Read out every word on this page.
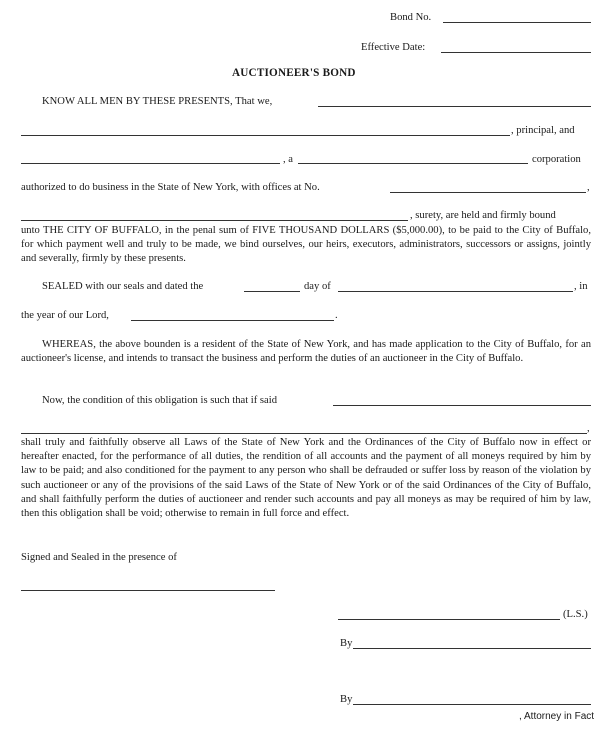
Bond No.
Effective Date:
AUCTIONEER'S BOND
KNOW ALL MEN BY THESE PRESENTS, That we,
, principal, and
, a	corporation
authorized to do business in the State of New York, with offices at No.	,
, surety, are held and firmly bound
unto THE CITY OF BUFFALO, in the penal sum of FIVE THOUSAND DOLLARS ($5,000.00), to be paid to the City of Buffalo, for which payment well and truly to be made, we bind ourselves, our heirs, executors, administrators, successors or assigns, jointly and severally, firmly by these presents.
SEALED with our seals and dated the	day of	, in
the year of our Lord,	.
WHEREAS, the above bounden is a resident of the State of New York, and has made application to the City of Buffalo, for an auctioneer's license, and intends to transact the business and perform the duties of an auctioneer in the City of Buffalo.
Now, the condition of this obligation is such that if said
,
shall truly and faithfully observe all Laws of the State of New York and the Ordinances of the City of Buffalo now in effect or hereafter enacted, for the performance of all duties, the rendition of all accounts and the payment of all moneys required by him by law to be paid; and also conditioned for the payment to any person who shall be defrauded or suffer loss by reason of the violation by such auctioneer or any of the provisions of the said Laws of the State of New York or of the said Ordinances of the City of Buffalo, and shall faithfully perform the duties of auctioneer and render such accounts and pay all moneys as may be required of him by law, then this obligation shall be void; otherwise to remain in full force and effect.
Signed and Sealed in the presence of
(L.S.)
By
By
, Attorney in Fact
